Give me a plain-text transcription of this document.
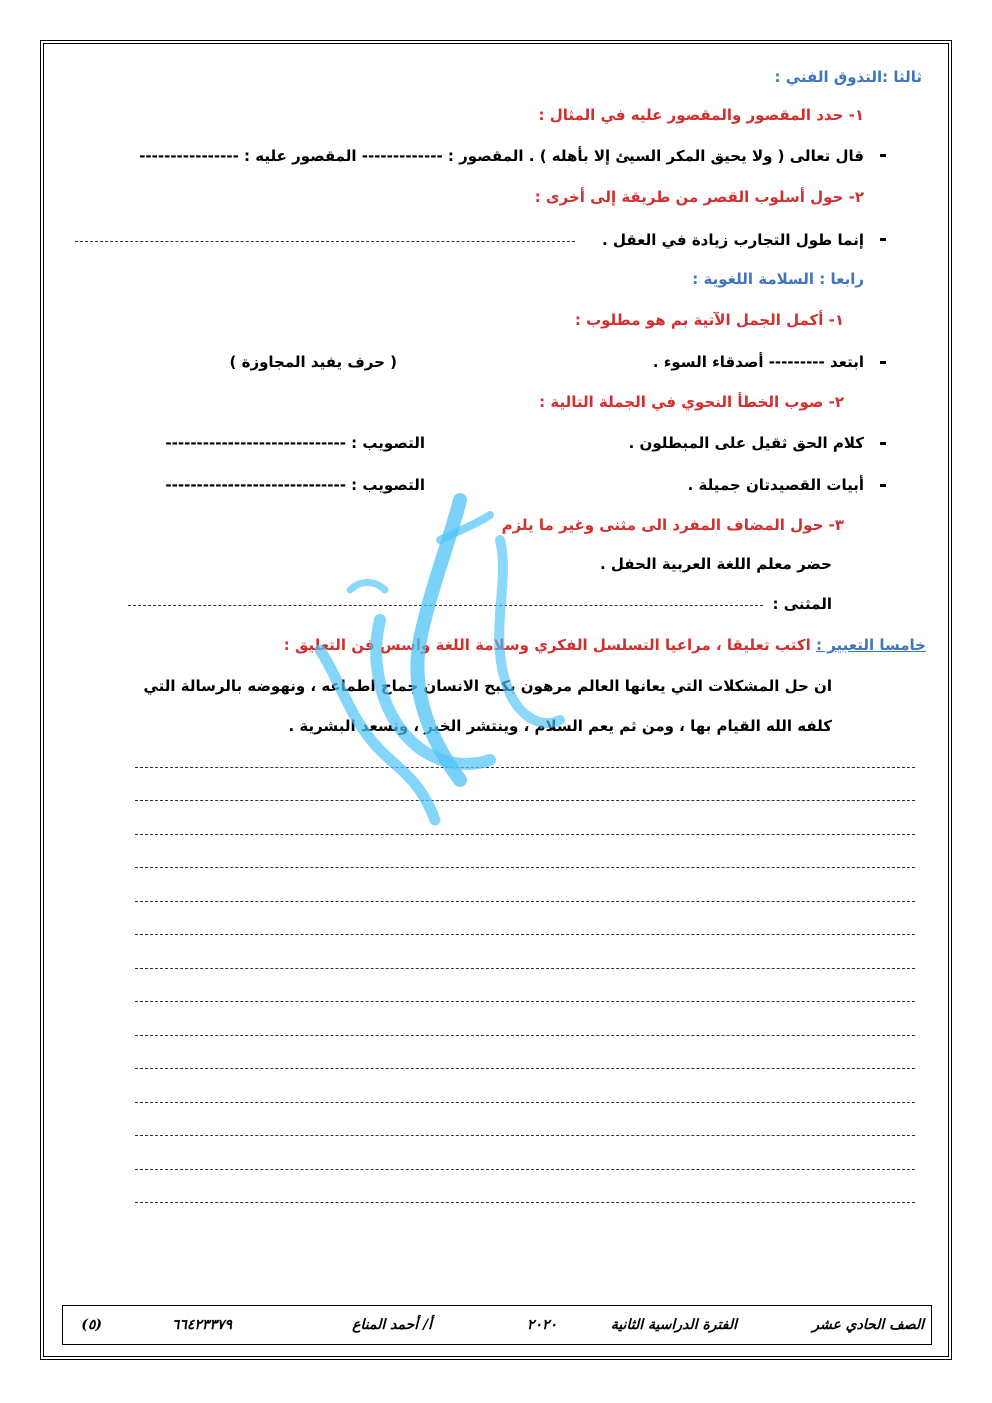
ثالثا :التذوق الفني :
١- حدد المقصور والمقصور عليه في المثال :
قال تعالى ( ولا يحيق المكر السيئ إلا بأهله ) . المقصور : ------------- المقصور عليه : ----------------
٢- حول أسلوب القصر من طريقة إلى أخرى :
إنما طول التجارب زيادة في العقل .
رابعا : السلامة اللغوية :
١- أكمل الجمل الآتية بم هو مطلوب :
ابتعد --------- أصدقاء السوء .
( حرف يفيد المجاوزة )
٢- صوب الخطأ النحوي في الجملة التالية :
كلام الحق ثقيل على المبطلون .
التصويب : -----------------------------
أبيات القصيدتان جميلة .
التصويب : -----------------------------
٣- حول المضاف المفرد الى مثنى وغير ما يلزم
حضر معلم اللغة العربية الحفل .
المثنى :
خامسا التعبير : اكتب تعليقا ، مراعيا التسلسل الفكري وسلامة اللغة واسس فن التعليق :
ان حل المشكلات التي يعانها العالم مرهون بكبح الانسان جماح اطماعه ، ونهوضه بالرسالة التي
كلفه الله القيام بها ، ومن ثم يعم السلام ، وينتشر الخير ، وتسعد البشرية .
الصف الحادي عشر
الفترة الدراسية الثانية
٢٠٢٠
أ/ أحمد المناع
٦٦٤٢٣٣٧٩
(٥)
